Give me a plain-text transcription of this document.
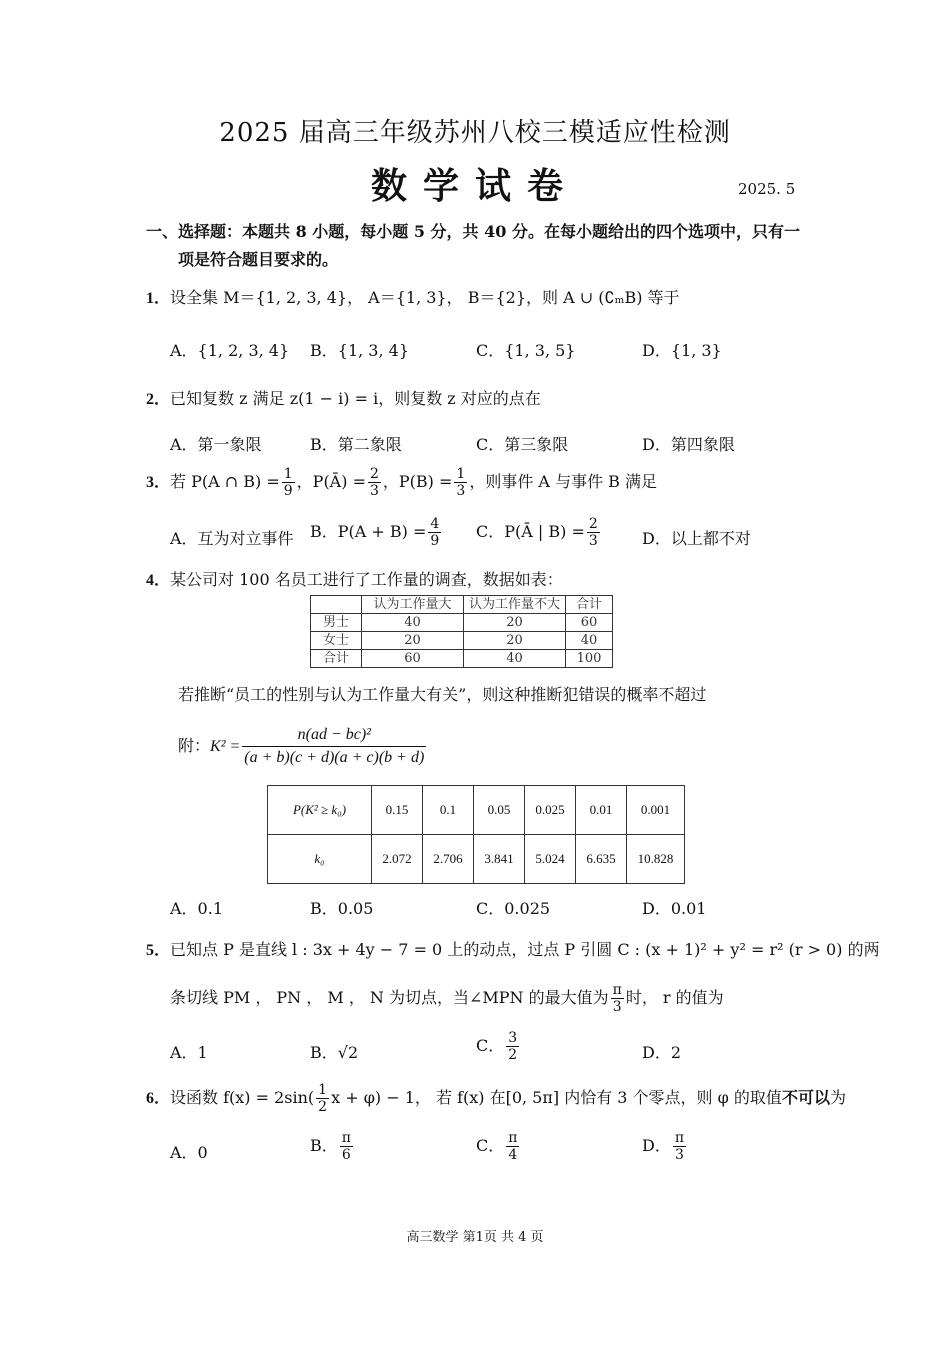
2025 届高三年级苏州八校三模适应性检测
数学试卷	2025. 5
一、选择题：本题共 8 小题，每小题 5 分，共 40 分。在每小题给出的四个选项中，只有一
项是符合题目要求的。
1．设全集 M＝{1, 2, 3, 4}， A＝{1, 3}， B＝{2}，则 A ∪ (∁ₘB) 等于
A．{1, 2, 3, 4} B．{1, 3, 4}	C．{1, 3, 5}	D．{1, 3}
2．已知复数 z 满足 z(1 − i) = i，则复数 z 对应的点在
A．第一象限	B．第二象限	C．第三象限	D．第四象限
3．若 P(A ∩ $B) = \frac{1}{9}$ ，P(Ā) = $\frac{2}{3}$ ，$P(B) = \frac{1}{3}$ ，则事件 A 与事件 B 满足
A．互为对立事件 B．$P(A + B) = \frac{4}{9}$ C．P(Ā | $B) = \frac{2}{3}$	D．以上都不对
4．某公司对 100 名员工进行了工作量的调查，数据如表：
	认为工作量大	认为工作量不大	合计
男士	40	20	60
女士	20	20	40
合计	60	40	100
若推断“员工的性别与认为工作量大有关”，则这种推断犯错误的概率不超过
附：$K^2 = \frac{\text{n(ad − bc)²}}{(a + b)(c + d)(a + c)(b + d)}$
P(K² ≥ k₀)	0.15	0.1	0.05	0.025	0.01	0.001
k₀	2.072	2.706	3.841	5.024	6.635	10.828
A．0.1	B．0.05	C．0.025	D．0.01
5．已知点 P 是直线 l : 3x + 4y − 7 = 0 上的动点，过点 P 引圆 C : (x + 1)² + y² = r² (r > 0) 的两
条切线 PM ， PN ， M ， N 为切点，当∠MPN 的最大值为 $\frac{\pi}{3}$ 时， r 的值为
A．1	B．√2	C． $\frac{3}{2}$	D．2
6．设函数 $f(x) = 2\sin( \frac{1}{2}$ x + φ) − 1， 若 f(x) 在[0, 5π] 内恰有 3 个零点，则 φ 的取值不可以为
A．0	B． $\frac{\pi}{6}$	C． $\frac{\pi}{4}$	D． $\frac{\pi}{3}$
高三数学 第1页 共 4 页
